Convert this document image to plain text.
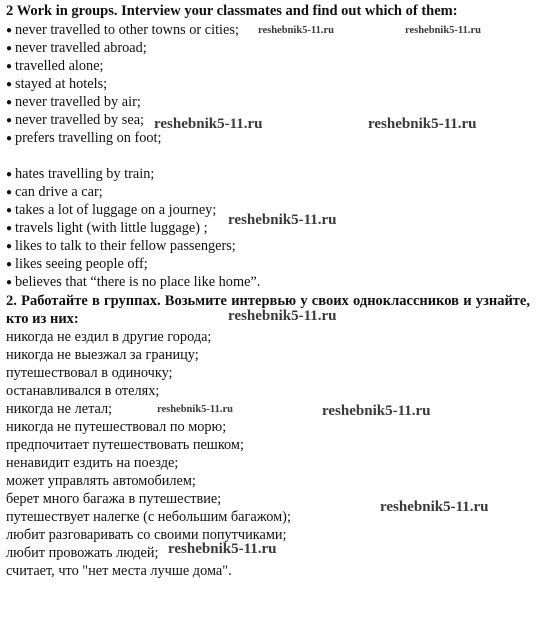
2 Work in groups. Interview your classmates and find out which of them:
● never travelled to other towns or cities;
● never travelled abroad;
● travelled alone;
● stayed at hotels;
● never travelled by air;
● never travelled by sea;
● prefers travelling on foot;
● hates travelling by train;
● can drive a car;
● takes a lot of luggage on a journey;
● travels light (with little luggage) ;
● likes to talk to their fellow passengers;
● likes seeing people off;
● believes that “there is no place like home”.
2. Работайте в группах. Возьмите интервью у своих одноклассников и узнайте, кто из них:
никогда не ездил в другие города;
никогда не выезжал за границу;
путешествовал в одиночку;
останавливался в отелях;
никогда не летал;
никогда не путешествовал по морю;
предпочитает путешествовать пешком;
ненавидит ездить на поезде;
может управлять автомобилем;
берет много багажа в путешествие;
путешествует налегке (с небольшим багажом);
любит разговаривать со своими попутчиками;
любит провожать людей;
считает, что "нет места лучше дома".
reshebnik5-11.ru	reshebnik5-11.ru
reshebnik5-11.ru	reshebnik5-11.ru
reshebnik5-11.ru
reshebnik5-11.ru
reshebnik5-11.ru	reshebnik5-11.ru
reshebnik5-11.ru
reshebnik5-11.ru
